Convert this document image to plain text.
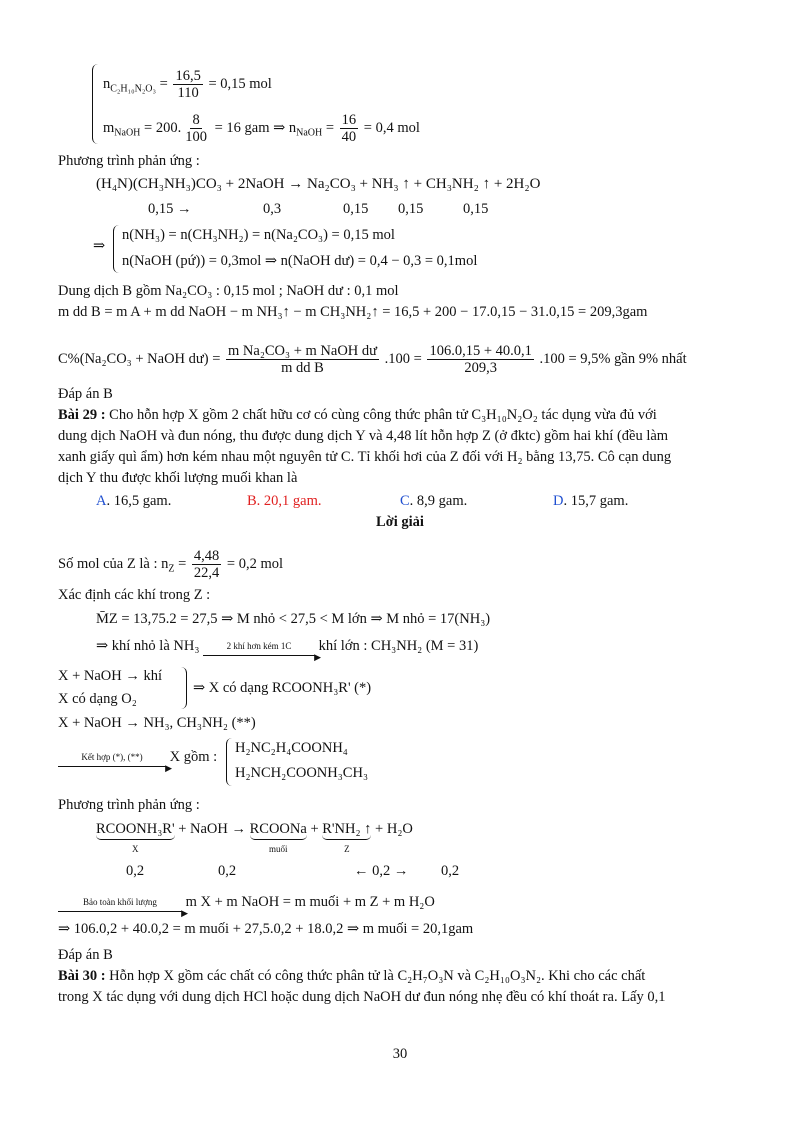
$n_{C_2H_{10}N_2O_3} = \frac{16,5}{110} = 0,15$ mol
$m_{NaOH} = 200$. $\frac{8}{100} = 16$ gam ⇒ $n_{NaOH} = \frac{16}{40} = 0,4$ mol
Phương trình phản ứng :
(H₄N)(CH₃NH₃)CO₃ + 2NaOH → Na₂CO₃ + NH₃ ↑ + CH₃NH₂ ↑ + 2H₂O
0,15 →	0,3	0,15 0,15	0,15
⇒
n(NH₃) = n(CH₃NH₂) = n(Na₂CO₃) = 0,15 mol
n(NaOH (pứ)) = 0,3mol ⇒ n(NaOH dư) = 0,4 − 0,3 = 0,1mol
Dung dịch B gồm Na₂CO₃ : 0,15 mol ; NaOH dư : 0,1 mol
m dd B = m A + m dd NaOH − m NH₃↑ − m CH₃NH₂↑ = 16,5 + 200 − 17.0,15 − 31.0,15 = 209,3gam
C%(Na₂CO₃ + NaOH dư) = m Na₂CO₃ + m NaOH dư
m dd B
$.100 = \frac{106.0,15 + 40.0,1}{209,3} .100 = 9,5\%$ gần 9% nhất
Đáp án B
Bài 29 : Cho hỗn hợp X gồm 2 chất hữu cơ có cùng công thức phân tử C₃H₁₀N₂O₂ tác dụng vừa đủ với
dung dịch NaOH và đun nóng, thu được dung dịch Y và 4,48 lít hỗn hợp Z (ở đktc) gồm hai khí (đều làm
xanh giấy quì ẩm) hơn kém nhau một nguyên tử C. Tỉ khối hơi của Z đối với H₂ bằng 13,75. Cô cạn dung
dịch Y thu được khối lượng muối khan là
A. 16,5 gam.	B. 20,1 gam.	C. 8,9 gam.	D. 15,7 gam.
Lời giải
Số mol của Z là : $n_Z = \frac{4,48}{22,4} = 0,2$ mol
Xác định các khí trong Z :
M̄Z = 13,75.2 = 27,5 ⇒ M nhỏ < 27,5 < M lớn ⇒ M nhỏ = 17(NH₃)
⇒ khí nhỏ là NH₃	2 khí hơn kém 1C
▶ khí lớn : CH₃NH₂ (M = 31)
X + NaOH → khí
X có dạng O₂
⇒ X có dạng RCOONH₃R' (*)
X + NaOH → NH₃, CH₃NH₂ (**)
Kết hợp (*), (**)
▶ X gồm :
H₂NC₂H₄COONH₄
H₂NCH₂COONH₃CH₃
Phương trình phản ứng :
RCOONH₃R'
X
+ NaOH → RCOONa
muối
+ R'NH₂ ↑
Z
+ H₂O
0,2	0,2	← 0,2 → 0,2
Bảo toàn khối lượng
▶ m X + m NaOH = m muối + m Z + m H₂O
⇒ 106.0,2 + 40.0,2 = m muối + 27,5.0,2 + 18.0,2 ⇒ m muối = 20,1gam
Đáp án B
Bài 30 : Hỗn hợp X gồm các chất có công thức phân tử là C₂H₇O₃N và C₂H₁₀O₃N₂. Khi cho các chất
trong X tác dụng với dung dịch HCl hoặc dung dịch NaOH dư đun nóng nhẹ đều có khí thoát ra. Lấy 0,1
30
